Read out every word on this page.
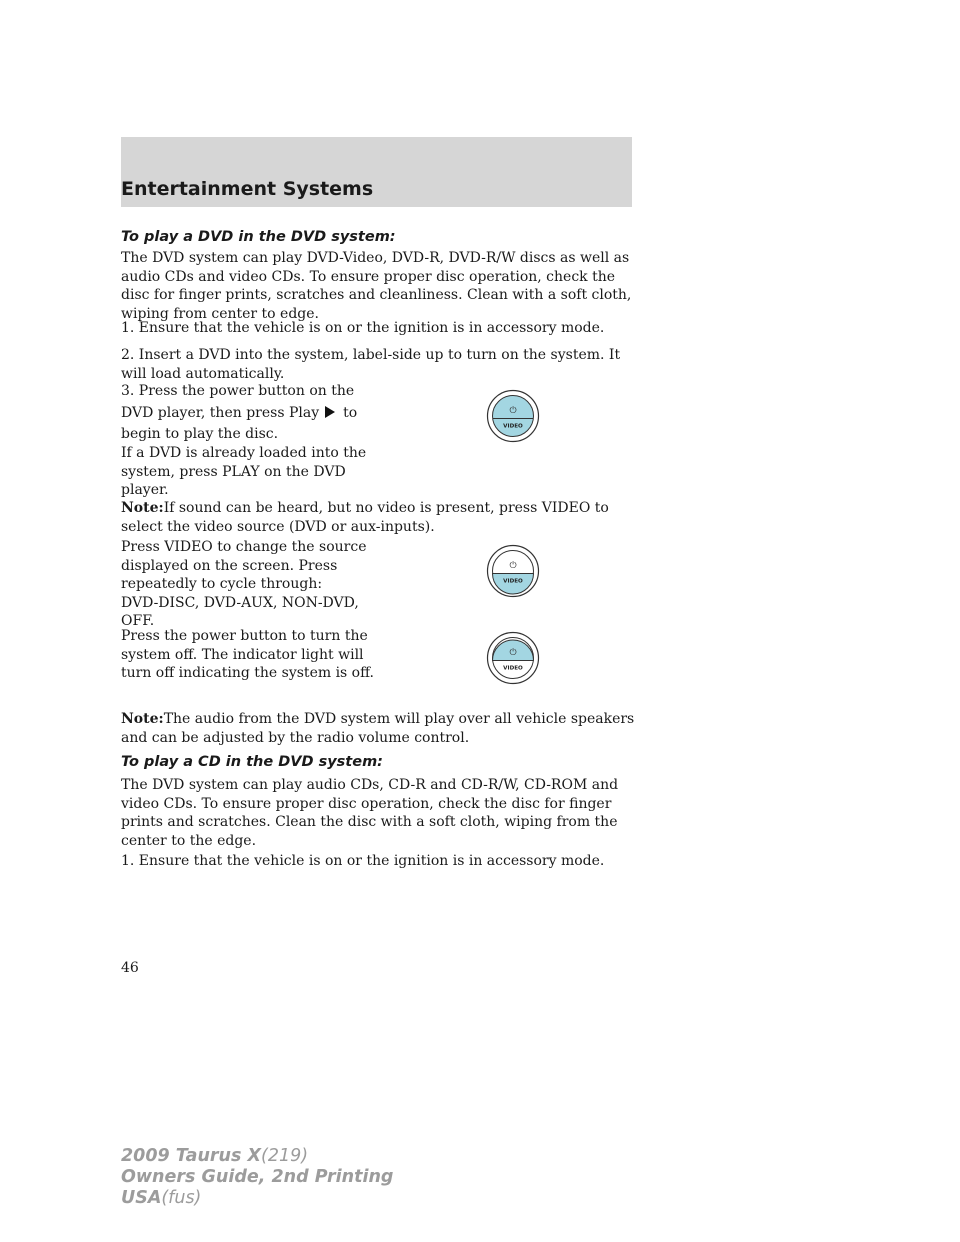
Entertainment Systems
To play a DVD in the DVD system:
The DVD system can play DVD-Video, DVD-R, DVD-R/W discs as well as
audio CDs and video CDs. To ensure proper disc operation, check the
disc for finger prints, scratches and cleanliness. Clean with a soft cloth,
wiping from center to edge.
1. Ensure that the vehicle is on or the ignition is in accessory mode.
2. Insert a DVD into the system, label-side up to turn on the system. It
will load automatically.
3. Press the power button on the
DVD player, then press Play to
begin to play the disc.
If a DVD is already loaded into the
system, press PLAY on the DVD
player.
Note:If sound can be heard, but no video is present, press VIDEO to
select the video source (DVD or aux-inputs).
Press VIDEO to change the source
displayed on the screen. Press
repeatedly to cycle through:
DVD-DISC, DVD-AUX, NON-DVD,
OFF.
Press the power button to turn the
system off. The indicator light will
turn off indicating the system is off.
Note:The audio from the DVD system will play over all vehicle speakers
and can be adjusted by the radio volume control.
To play a CD in the DVD system:
The DVD system can play audio CDs, CD-R and CD-R/W, CD-ROM and
video CDs. To ensure proper disc operation, check the disc for finger
prints and scratches. Clean the disc with a soft cloth, wiping from the
center to the edge.
1. Ensure that the vehicle is on or the ignition is in accessory mode.
⏻
VIDEO
⏻
VIDEO
⏻
VIDEO
46
2009 Taurus X(219)
Owners Guide, 2nd Printing
USA(fus)
